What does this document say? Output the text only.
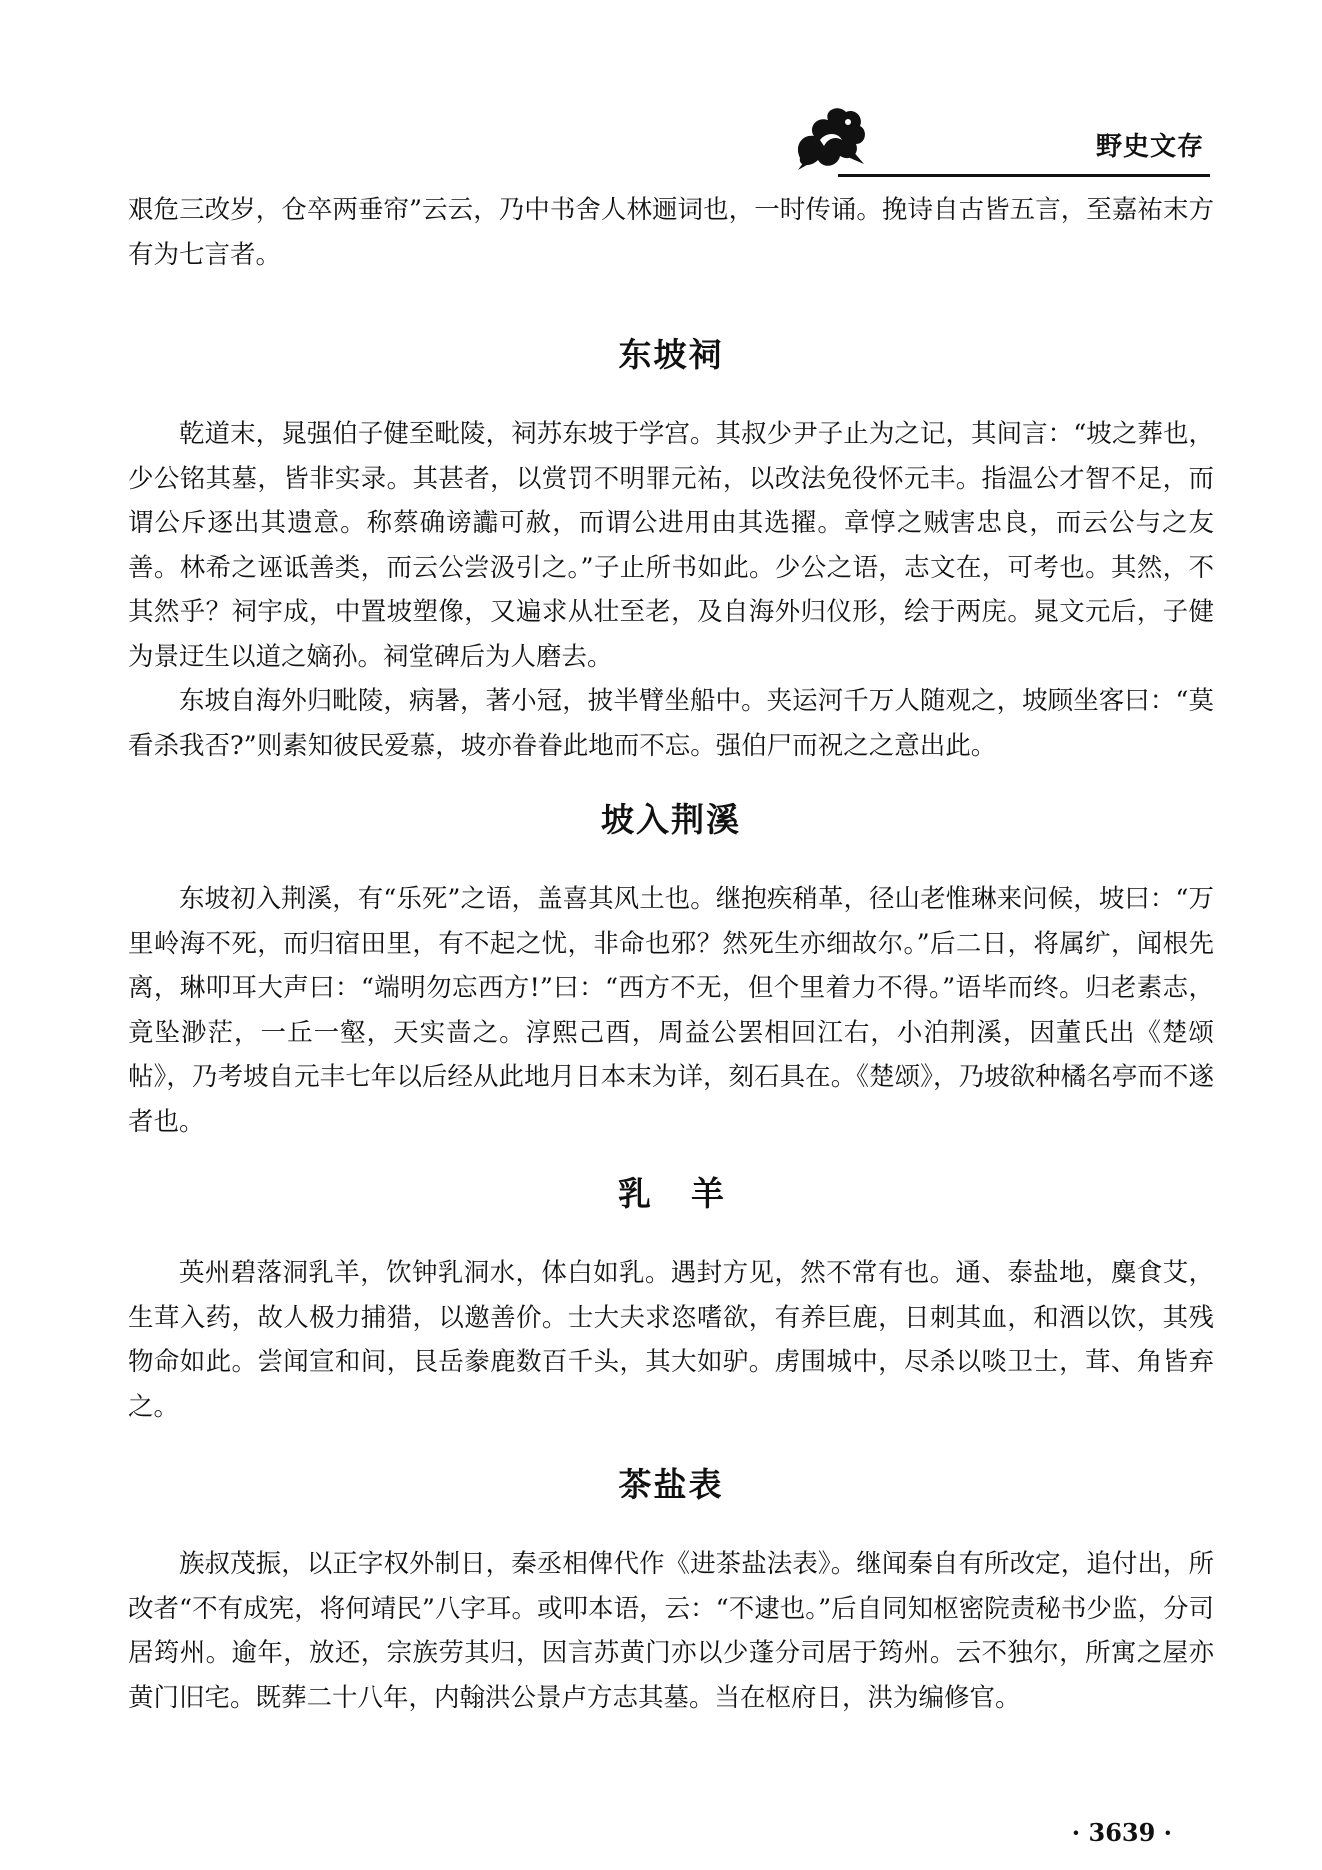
野史文存

艰危三改岁，仓卒两垂帘”云云，乃中书舍人林逦词也，一时传诵。挽诗自古皆五言，至嘉祐末方有为七言者。

东坡祠

乾道末，晁强伯子健至毗陵，祠苏东坡于学宫。其叔少尹子止为之记，其间言：“坡之葬也，少公铭其墓，皆非实录。其甚者，以赏罚不明罪元祐，以改法免役怀元丰。指温公才智不足，而谓公斥逐出其遗意。称蔡确谤讟可赦，而谓公进用由其选擢。章惇之贼害忠良，而云公与之友善。林希之诬诋善类，而云公尝汲引之。”子止所书如此。少公之语，志文在，可考也。其然，不其然乎？祠宇成，中置坡塑像，又遍求从壮至老，及自海外归仪形，绘于两庑。晁文元后，子健为景迂生以道之嫡孙。祠堂碑后为人磨去。

东坡自海外归毗陵，病暑，著小冠，披半臂坐船中。夹运河千万人随观之，坡顾坐客曰：“莫看杀我否?”则素知彼民爱慕，坡亦眷眷此地而不忘。强伯尸而祝之之意出此。

坡入荆溪

东坡初入荆溪，有“乐死”之语，盖喜其风土也。继抱疾稍革，径山老惟琳来问候，坡曰：“万里岭海不死，而归宿田里，有不起之忧，非命也邪？然死生亦细故尔。”后二日，将属纩，闻根先离，琳叩耳大声曰：“端明勿忘西方!”曰：“西方不无，但个里着力不得。”语毕而终。归老素志，竟坠渺茫，一丘一壑，天实啬之。淳熙己酉，周益公罢相回江右，小泊荆溪，因董氏出《楚颂帖》，乃考坡自元丰七年以后经从此地月日本末为详，刻石具在。《楚颂》，乃坡欲种橘名亭而不遂者也。

乳羊

英州碧落洞乳羊，饮钟乳洞水，体白如乳。遇封方见，然不常有也。通、泰盐地，麋食艾，生茸入药，故人极力捕猎，以邀善价。士大夫求恣嗜欲，有养巨鹿，日刺其血，和酒以饮，其残物命如此。尝闻宣和间，艮岳豢鹿数百千头，其大如驴。虏围城中，尽杀以啖卫士，茸、角皆弃之。

茶盐表

族叔茂振，以正字权外制日，秦丞相俾代作《进茶盐法表》。继闻秦自有所改定，追付出，所改者“不有成宪，将何靖民”八字耳。或叩本语，云：“不逮也。”后自同知枢密院责秘书少监，分司居筠州。逾年，放还，宗族劳其归，因言苏黄门亦以少蓬分司居于筠州。云不独尔，所寓之屋亦黄门旧宅。既葬二十八年，内翰洪公景卢方志其墓。当在枢府日，洪为编修官。

· 3639 ·
